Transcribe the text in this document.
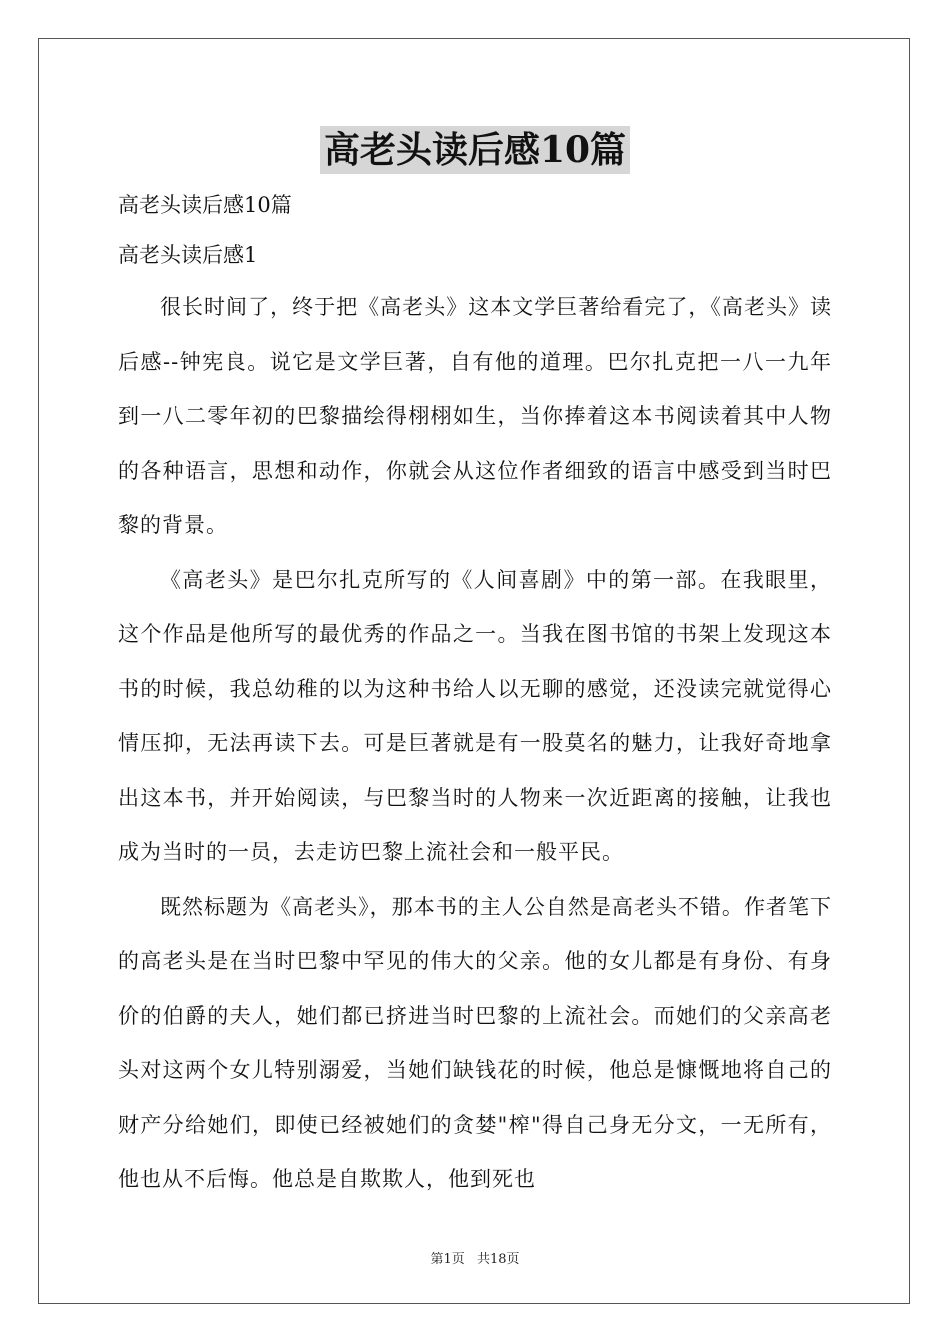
高老头读后感10篇
高老头读后感10篇
高老头读后感1

很长时间了，终于把《高老头》这本文学巨著给看完了，《高老头》读后感--钟宪良。说它是文学巨著，自有他的道理。巴尔扎克把一八一九年到一八二零年初的巴黎描绘得栩栩如生，当你捧着这本书阅读着其中人物的各种语言，思想和动作，你就会从这位作者细致的语言中感受到当时巴黎的背景。

《高老头》是巴尔扎克所写的《人间喜剧》中的第一部。在我眼里，这个作品是他所写的最优秀的作品之一。当我在图书馆的书架上发现这本书的时候，我总幼稚的以为这种书给人以无聊的感觉，还没读完就觉得心情压抑，无法再读下去。可是巨著就是有一股莫名的魅力，让我好奇地拿出这本书，并开始阅读，与巴黎当时的人物来一次近距离的接触，让我也成为当时的一员，去走访巴黎上流社会和一般平民。

既然标题为《高老头》，那本书的主人公自然是高老头不错。作者笔下的高老头是在当时巴黎中罕见的伟大的父亲。他的女儿都是有身份、有身价的伯爵的夫人，她们都已挤进当时巴黎的上流社会。而她们的父亲高老头对这两个女儿特别溺爱，当她们缺钱花的时候，他总是慷慨地将自己的财产分给她们，即使已经被她们的贪婪"榨"得自己身无分文，一无所有，他也从不后悔。他总是自欺欺人，他到死也

第1页 共18页
